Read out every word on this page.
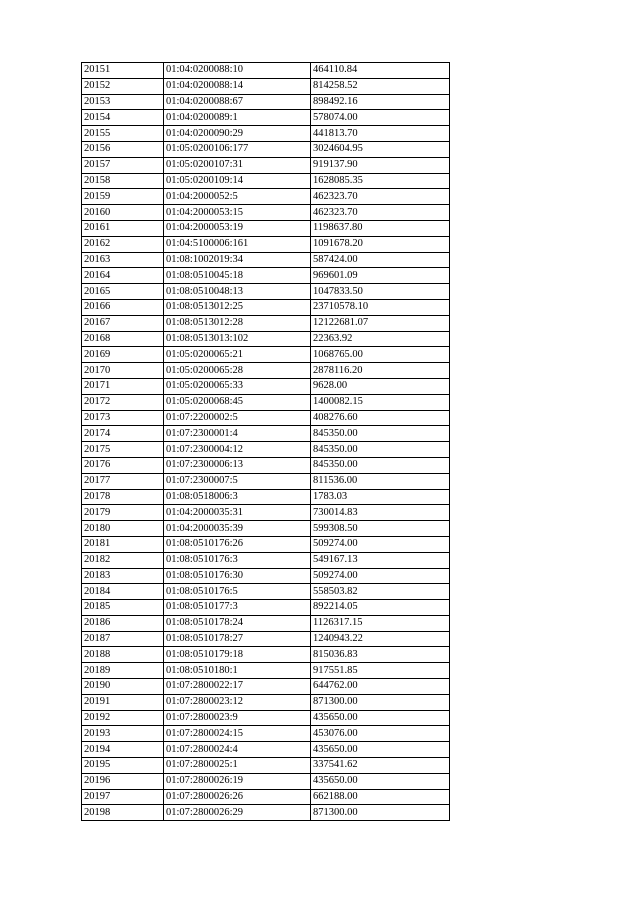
20151	01:04:0200088:10	464110.84
20152	01:04:0200088:14	814258.52
20153	01:04:0200088:67	898492.16
20154	01:04:0200089:1	578074.00
20155	01:04:0200090:29	441813.70
20156	01:05:0200106:177	3024604.95
20157	01:05:0200107:31	919137.90
20158	01:05:0200109:14	1628085.35
20159	01:04:2000052:5	462323.70
20160	01:04:2000053:15	462323.70
20161	01:04:2000053:19	1198637.80
20162	01:04:5100006:161	1091678.20
20163	01:08:1002019:34	587424.00
20164	01:08:0510045:18	969601.09
20165	01:08:0510048:13	1047833.50
20166	01:08:0513012:25	23710578.10
20167	01:08:0513012:28	12122681.07
20168	01:08:0513013:102	22363.92
20169	01:05:0200065:21	1068765.00
20170	01:05:0200065:28	2878116.20
20171	01:05:0200065:33	9628.00
20172	01:05:0200068:45	1400082.15
20173	01:07:2200002:5	408276.60
20174	01:07:2300001:4	845350.00
20175	01:07:2300004:12	845350.00
20176	01:07:2300006:13	845350.00
20177	01:07:2300007:5	811536.00
20178	01:08:0518006:3	1783.03
20179	01:04:2000035:31	730014.83
20180	01:04:2000035:39	599308.50
20181	01:08:0510176:26	509274.00
20182	01:08:0510176:3	549167.13
20183	01:08:0510176:30	509274.00
20184	01:08:0510176:5	558503.82
20185	01:08:0510177:3	892214.05
20186	01:08:0510178:24	1126317.15
20187	01:08:0510178:27	1240943.22
20188	01:08:0510179:18	815036.83
20189	01:08:0510180:1	917551.85
20190	01:07:2800022:17	644762.00
20191	01:07:2800023:12	871300.00
20192	01:07:2800023:9	435650.00
20193	01:07:2800024:15	453076.00
20194	01:07:2800024:4	435650.00
20195	01:07:2800025:1	337541.62
20196	01:07:2800026:19	435650.00
20197	01:07:2800026:26	662188.00
20198	01:07:2800026:29	871300.00
